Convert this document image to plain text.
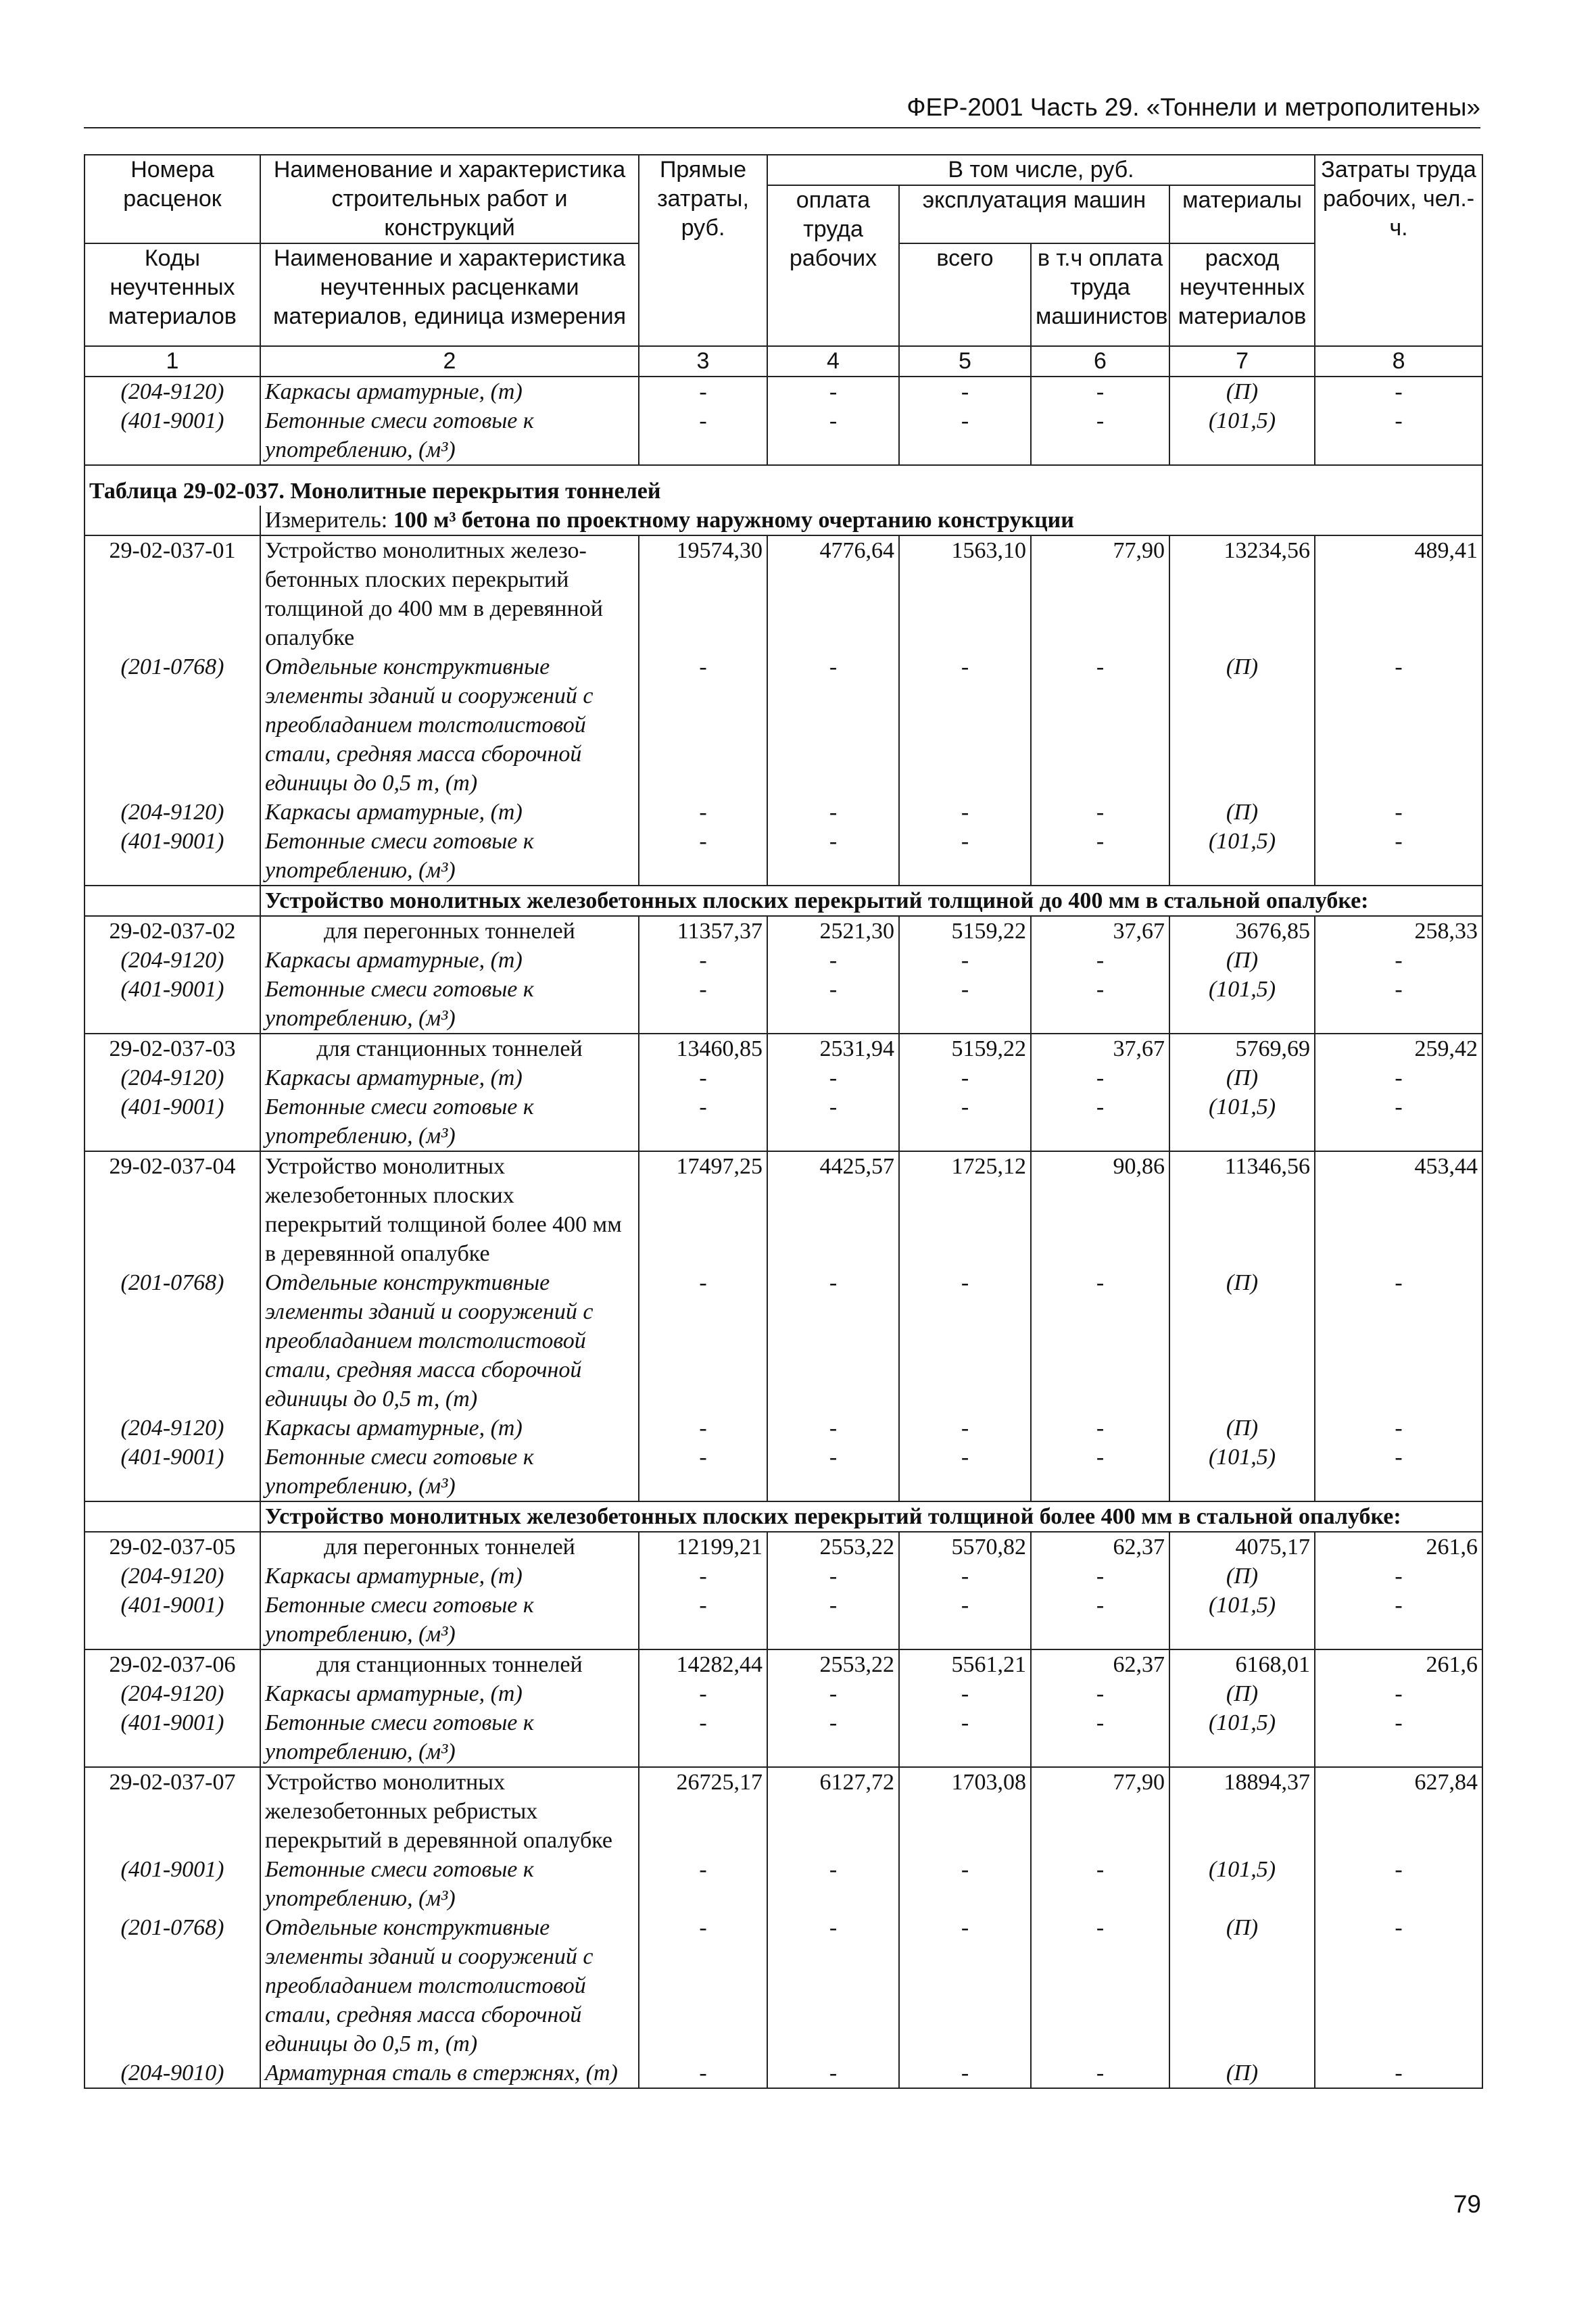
ФЕР-2001 Часть 29. «Тоннели и метрополитены»
Номера расценок	Наименование и характеристика строительных работ и конструкций	Прямые затраты, руб.	В том числе, руб.				Затраты труда рабочих, чел.-ч.
			оплата труда рабочих	эксплуатация машин		материалы	
Коды неучтенных материалов	Наименование и характеристика неучтенных расценками материалов, единица измерения			всего	в т.ч оплата труда машинистов	расход неучтенных материалов	

1	2	3	4	5	6	7	8
(204-9120)	Каркасы арматурные, (т)	-	-	-	-	(П)	-
(401-9001)	Бетонные смеси готовые к употреблению, (м³)	-	-	-	-	(101,5)	-
Таблица 29-02-037. Монолитные перекрытия тоннелей							
	Измеритель: 100 м³ бетона по проектному наружному очертанию конструкции						
29-02-037-01	Устройство монолитных железо-бетонных плоских перекрытий толщиной до 400 мм в деревянной опалубке	19574,30	4776,64	1563,10	77,90	13234,56	489,41
(201-0768)	Отдельные конструктивные элементы зданий и сооружений с преобладанием толстолистовой стали, средняя масса сборочной единицы до 0,5 т, (т)	-	-	-	-	(П)	-
(204-9120)	Каркасы арматурные, (т)	-	-	-	-	(П)	-
(401-9001)	Бетонные смеси готовые к употреблению, (м³)	-	-	-	-	(101,5)	-
	Устройство монолитных железобетонных плоских перекрытий толщиной до 400 мм в стальной опалубке:						
29-02-037-02	для перегонных тоннелей	11357,37	2521,30	5159,22	37,67	3676,85	258,33
(204-9120)	Каркасы арматурные, (т)	-	-	-	-	(П)	-
(401-9001)	Бетонные смеси готовые к употреблению, (м³)	-	-	-	-	(101,5)	-
29-02-037-03	для станционных тоннелей	13460,85	2531,94	5159,22	37,67	5769,69	259,42
(204-9120)	Каркасы арматурные, (т)	-	-	-	-	(П)	-
(401-9001)	Бетонные смеси готовые к употреблению, (м³)	-	-	-	-	(101,5)	-
29-02-037-04	Устройство монолитных железобетонных плоских перекрытий толщиной более 400 мм в деревянной опалубке	17497,25	4425,57	1725,12	90,86	11346,56	453,44
(201-0768)	Отдельные конструктивные элементы зданий и сооружений с преобладанием толстолистовой стали, средняя масса сборочной единицы до 0,5 т, (т)	-	-	-	-	(П)	-
(204-9120)	Каркасы арматурные, (т)	-	-	-	-	(П)	-
(401-9001)	Бетонные смеси готовые к употреблению, (м³)	-	-	-	-	(101,5)	-
	Устройство монолитных железобетонных плоских перекрытий толщиной более 400 мм в стальной опалубке:						
29-02-037-05	для перегонных тоннелей	12199,21	2553,22	5570,82	62,37	4075,17	261,6
(204-9120)	Каркасы арматурные, (т)	-	-	-	-	(П)	-
(401-9001)	Бетонные смеси готовые к употреблению, (м³)	-	-	-	-	(101,5)	-
29-02-037-06	для станционных тоннелей	14282,44	2553,22	5561,21	62,37	6168,01	261,6
(204-9120)	Каркасы арматурные, (т)	-	-	-	-	(П)	-
(401-9001)	Бетонные смеси готовые к употреблению, (м³)	-	-	-	-	(101,5)	-
29-02-037-07	Устройство монолитных железобетонных ребристых перекрытий в деревянной опалубке	26725,17	6127,72	1703,08	77,90	18894,37	627,84
(401-9001)	Бетонные смеси готовые к употреблению, (м³)	-	-	-	-	(101,5)	-
(201-0768)	Отдельные конструктивные элементы зданий и сооружений с преобладанием толстолистовой стали, средняя масса сборочной единицы до 0,5 т, (т)	-	-	-	-	(П)	-
(204-9010)	Арматурная сталь в стержнях, (т)	-	-	-	-	(П)	-
79
